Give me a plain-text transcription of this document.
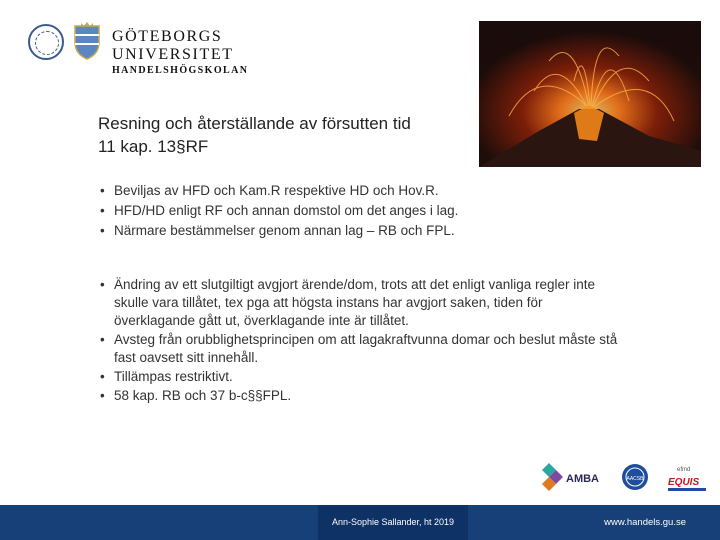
GÖTEBORGS UNIVERSITET
HANDELSHÖGSKOLAN
Resning och återställande av försutten tid
11 kap. 13§RF
• Beviljas av HFD och Kam.R respektive HD och Hov.R.
• HFD/HD enligt RF och annan domstol om det anges i lag.
• Närmare bestämmelser genom annan lag – RB och FPL.
• Ändring av ett slutgiltigt avgjort ärende/dom, trots att det enligt vanliga regler inte skulle vara tillåtet, tex pga att högsta instans har avgjort saken, tiden för överklagande gått ut, överklagande inte är tillåtet.
• Avsteg från orubblighetsprincipen om att lagakraftvunna domar och beslut måste stå fast oavsett sitt innehåll.
• Tillämpas restriktivt.
• 58 kap. RB och 37 b-c§§FPL.
AMBA	AACSB
efmd
EQUIS
Ann-Sophie Sallander, ht 2019	www.handels.gu.se
